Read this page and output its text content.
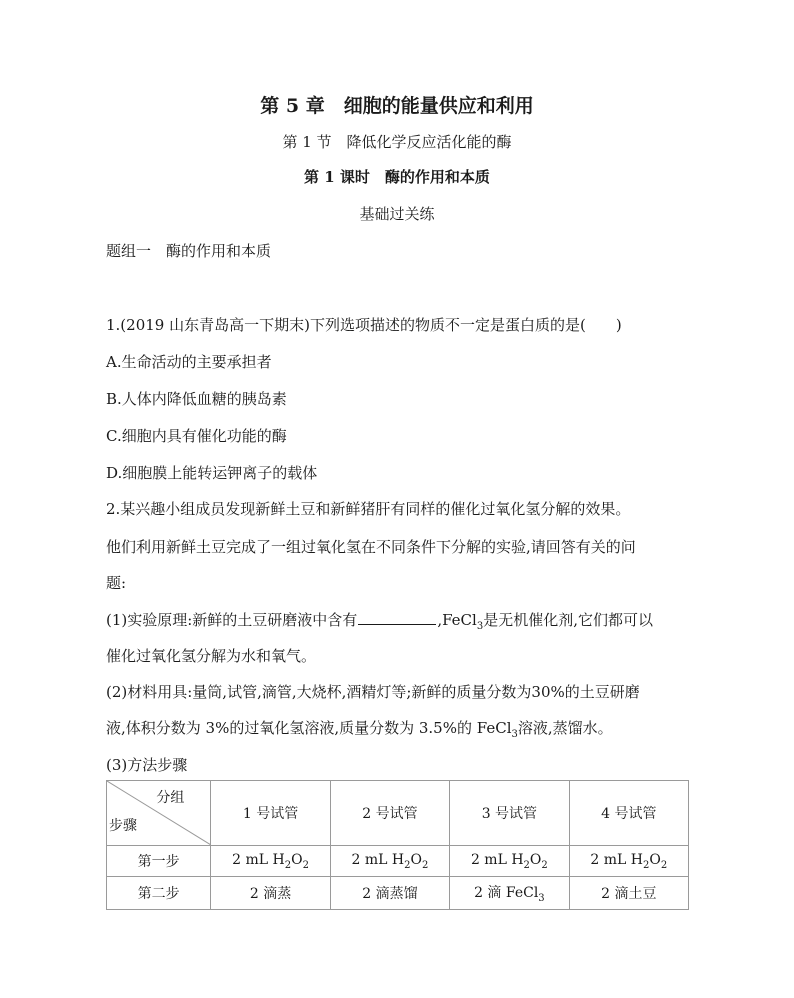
第 5 章　细胞的能量供应和利用
第 1 节　降低化学反应活化能的酶
第 1 课时　酶的作用和本质
基础过关练
题组一　酶的作用和本质
1.(2019 山东青岛高一下期末)下列选项描述的物质不一定是蛋白质的是(　　)
A.生命活动的主要承担者
B.人体内降低血糖的胰岛素
C.细胞内具有催化功能的酶
D.细胞膜上能转运钾离子的载体
2.某兴趣小组成员发现新鲜土豆和新鲜猪肝有同样的催化过氧化氢分解的效果。
他们利用新鲜土豆完成了一组过氧化氢在不同条件下分解的实验,请回答有关的问
题:
(1)实验原理:新鲜的土豆研磨液中含有	,FeCl$_3$是无机催化剂,它们都可以
催化过氧化氢分解为水和氧气。
(2)材料用具:量筒,试管,滴管,大烧杯,酒精灯等;新鲜的质量分数为30%的土豆研磨
液,体积分数为 3%的过氧化氢溶液,质量分数为 3.5%的 FeCl$_3$溶液,蒸馏水。
(3)方法步骤
分组
步骤	1 号试管	2 号试管	3 号试管	4 号试管
第一步	2 mL $H_2O_2$	2 mL $H_2O_2$	2 mL $H_2O_2$	2 mL $H_2O_2$
第二步	2 滴蒸	2 滴蒸馏	2 滴 FeCl$_3$	2 滴土豆
